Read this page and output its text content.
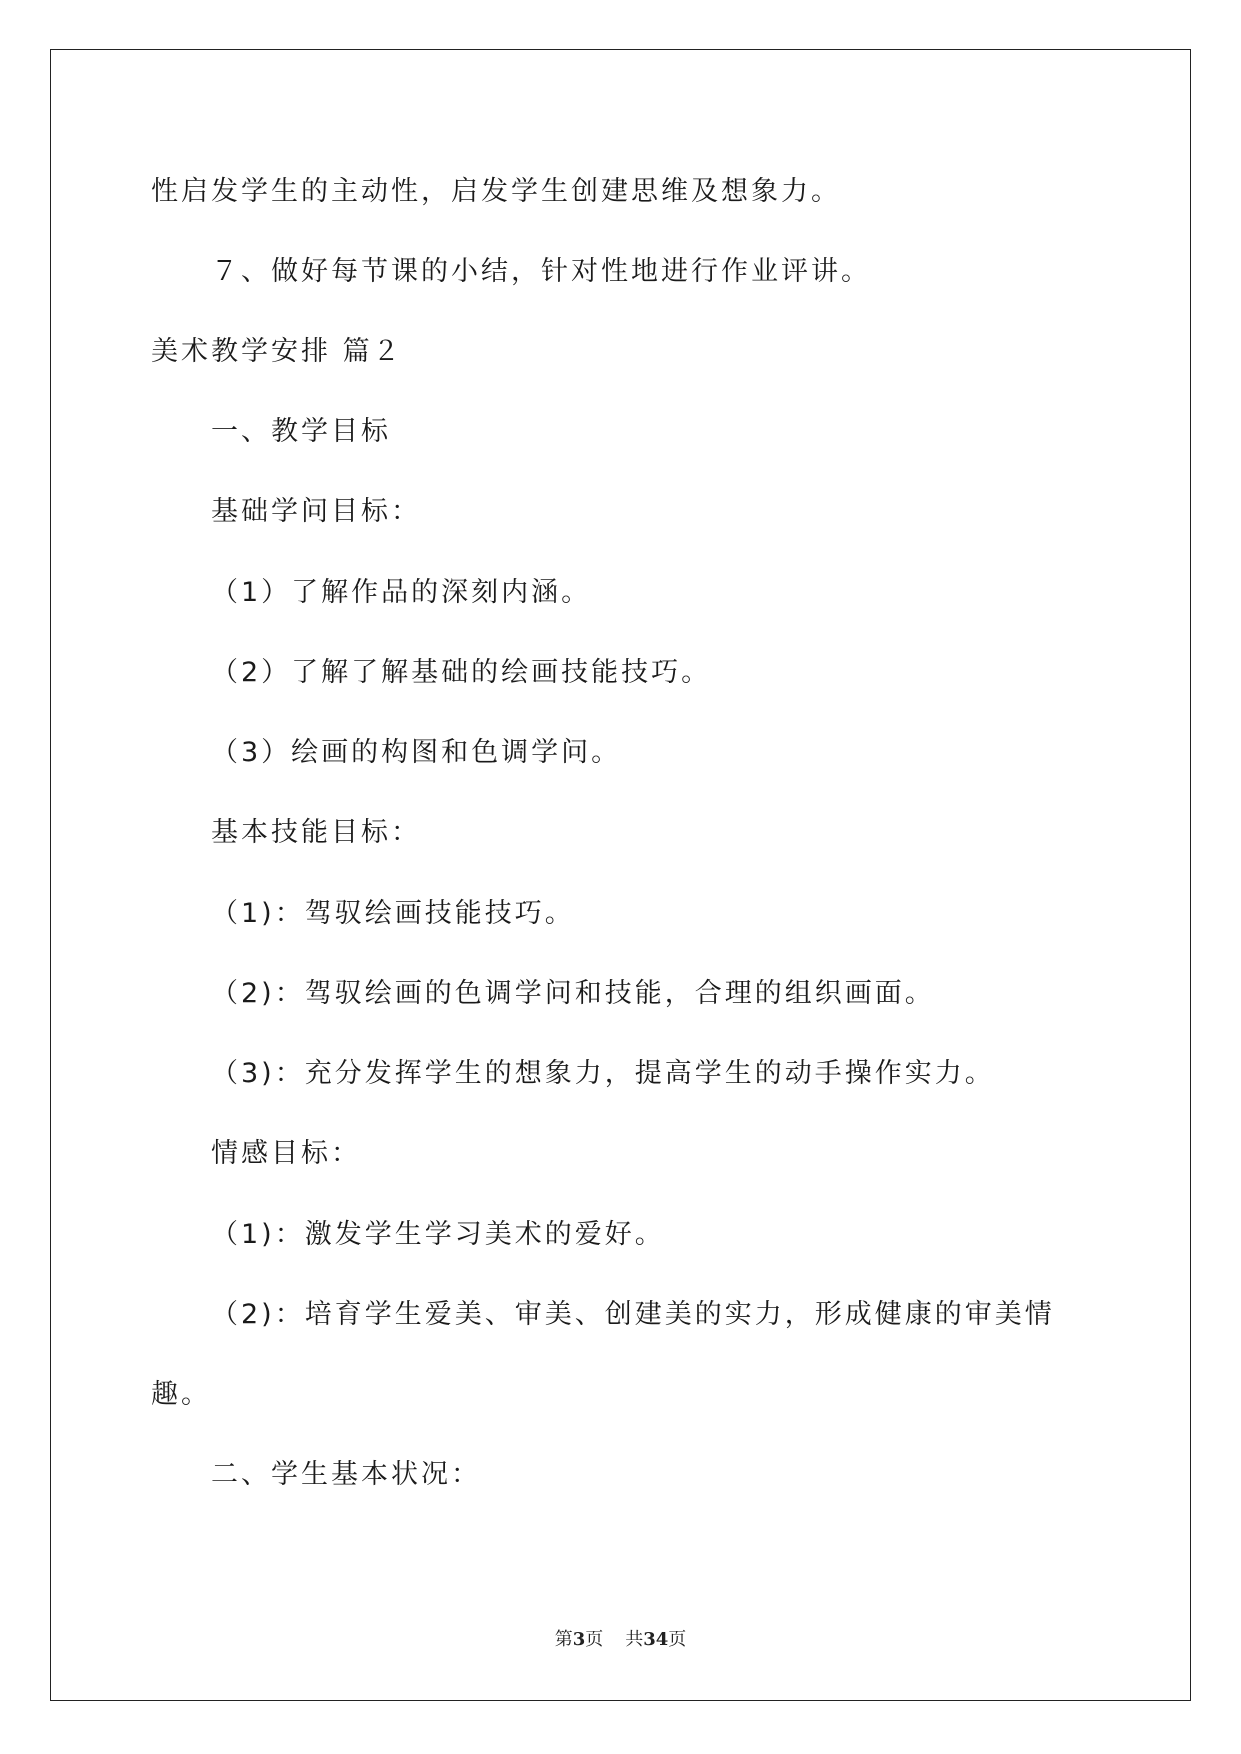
性启发学生的主动性，启发学生创建思维及想象力。
７、做好每节课的小结，针对性地进行作业评讲。
美术教学安排 篇２
一、教学目标
基础学问目标：
（1）了解作品的深刻内涵。
（2）了解了解基础的绘画技能技巧。
（3）绘画的构图和色调学问。
基本技能目标：
（1)：驾驭绘画技能技巧。
（2)：驾驭绘画的色调学问和技能，合理的组织画面。
（3)：充分发挥学生的想象力，提高学生的动手操作实力。
情感目标：
（1)：激发学生学习美术的爱好。
（2)：培育学生爱美、审美、创建美的实力，形成健康的审美情
趣。
二、学生基本状况：
第3页 共34页
